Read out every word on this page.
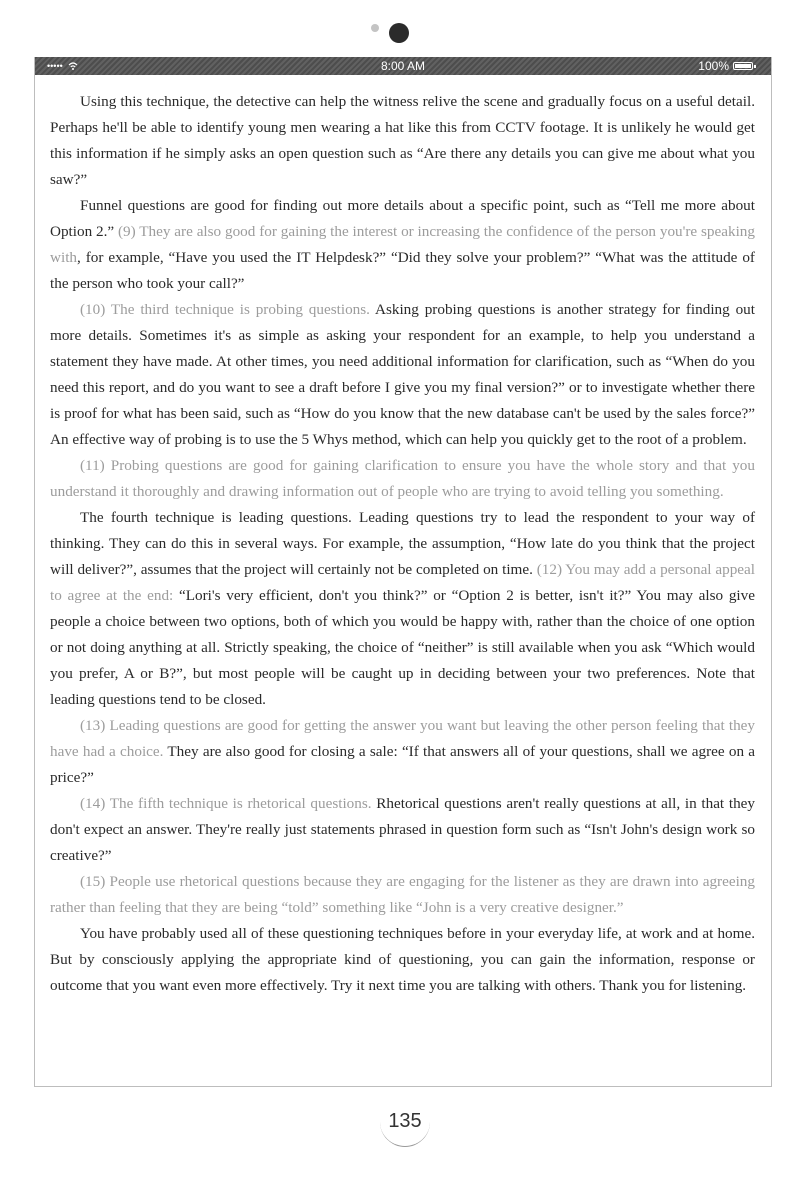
•••••	8:00 AM	100%

Using this technique, the detective can help the witness relive the scene and gradually focus on a useful detail. Perhaps he'll be able to identify young men wearing a hat like this from CCTV footage. It is unlikely he would get this information if he simply asks an open question such as “Are there any details you can give me about what you saw?”

Funnel questions are good for finding out more details about a specific point, such as “Tell me more about Option 2.” (9) They are also good for gaining the interest or increasing the confidence of the person you're speaking with, for example, “Have you used the IT Helpdesk?” “Did they solve your problem?” “What was the attitude of the person who took your call?”

(10) The third technique is probing questions. Asking probing questions is another strategy for finding out more details. Sometimes it's as simple as asking your respondent for an example, to help you understand a statement they have made. At other times, you need additional information for clarification, such as “When do you need this report, and do you want to see a draft before I give you my final version?” or to investigate whether there is proof for what has been said, such as “How do you know that the new database can't be used by the sales force?” An effective way of probing is to use the 5 Whys method, which can help you quickly get to the root of a problem.

(11) Probing questions are good for gaining clarification to ensure you have the whole story and that you understand it thoroughly and drawing information out of people who are trying to avoid telling you something.

The fourth technique is leading questions. Leading questions try to lead the respondent to your way of thinking. They can do this in several ways. For example, the assumption, “How late do you think that the project will deliver?”, assumes that the project will certainly not be completed on time. (12) You may add a personal appeal to agree at the end: “Lori's very efficient, don't you think?” or “Option 2 is better, isn't it?” You may also give people a choice between two options, both of which you would be happy with, rather than the choice of one option or not doing anything at all. Strictly speaking, the choice of “neither” is still available when you ask “Which would you prefer, A or B?”, but most people will be caught up in deciding between your two preferences. Note that leading questions tend to be closed.

(13) Leading questions are good for getting the answer you want but leaving the other person feeling that they have had a choice. They are also good for closing a sale: “If that answers all of your questions, shall we agree on a price?”

(14) The fifth technique is rhetorical questions. Rhetorical questions aren't really questions at all, in that they don't expect an answer. They're really just statements phrased in question form such as “Isn't John's design work so creative?”

(15) People use rhetorical questions because they are engaging for the listener as they are drawn into agreeing rather than feeling that they are being “told” something like “John is a very creative designer.”

You have probably used all of these questioning techniques before in your everyday life, at work and at home. But by consciously applying the appropriate kind of questioning, you can gain the information, response or outcome that you want even more effectively. Try it next time you are talking with others. Thank you for listening.

135
